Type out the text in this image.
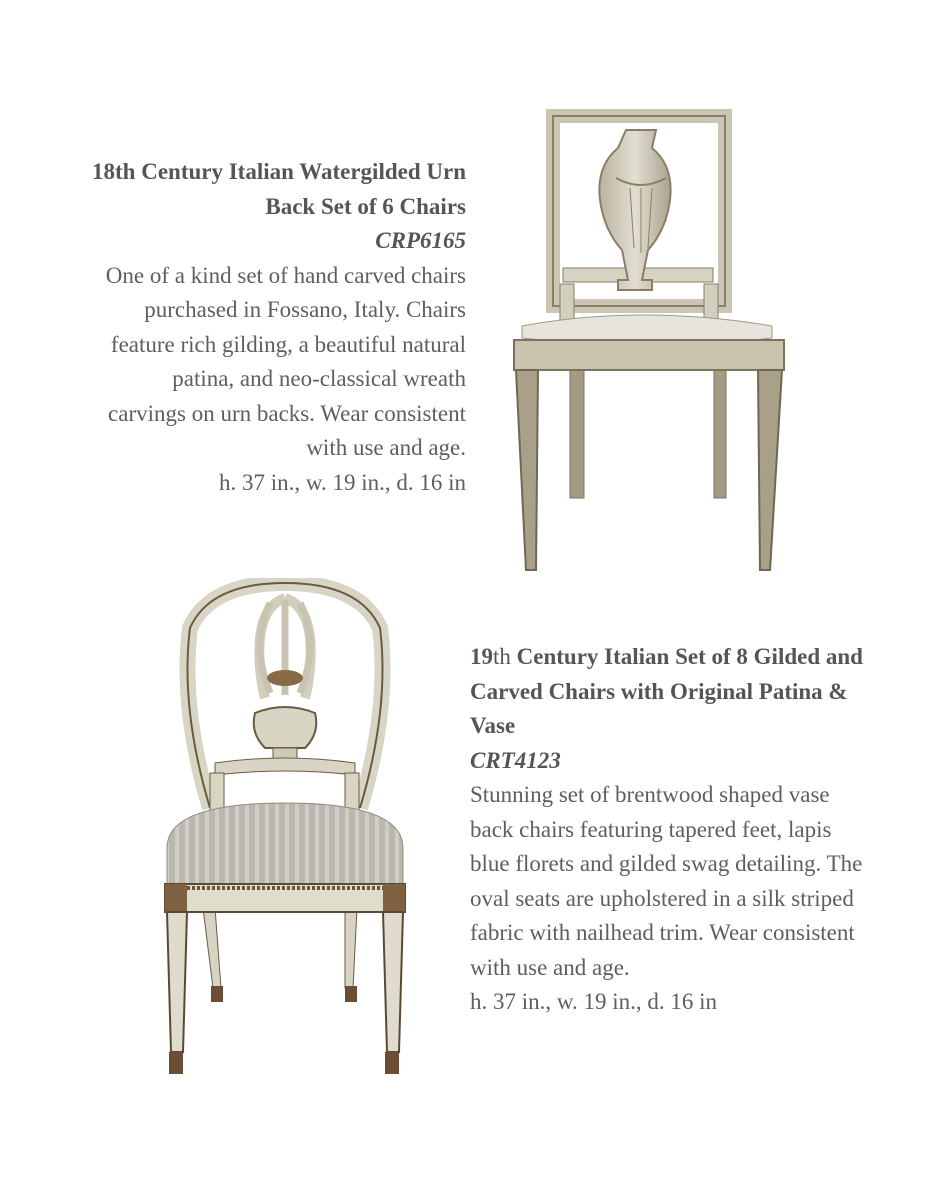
18th Century Italian Watergilded Urn Back Set of 6 Chairs
CRP6165
One of a kind set of hand carved chairs purchased in Fossano, Italy. Chairs feature rich gilding, a beautiful natural patina, and neo-classical wreath carvings on urn backs. Wear consistent with use and age.
h. 37 in., w. 19 in., d. 16 in
19th Century Italian Set of 8 Gilded and Carved Chairs with Original Patina & Vase
CRT4123
Stunning set of brentwood shaped vase back chairs featuring tapered feet, lapis blue florets and gilded swag detailing. The oval seats are upholstered in a silk striped fabric with nailhead trim. Wear consistent with use and age.
h. 37 in., w. 19 in., d. 16 in
